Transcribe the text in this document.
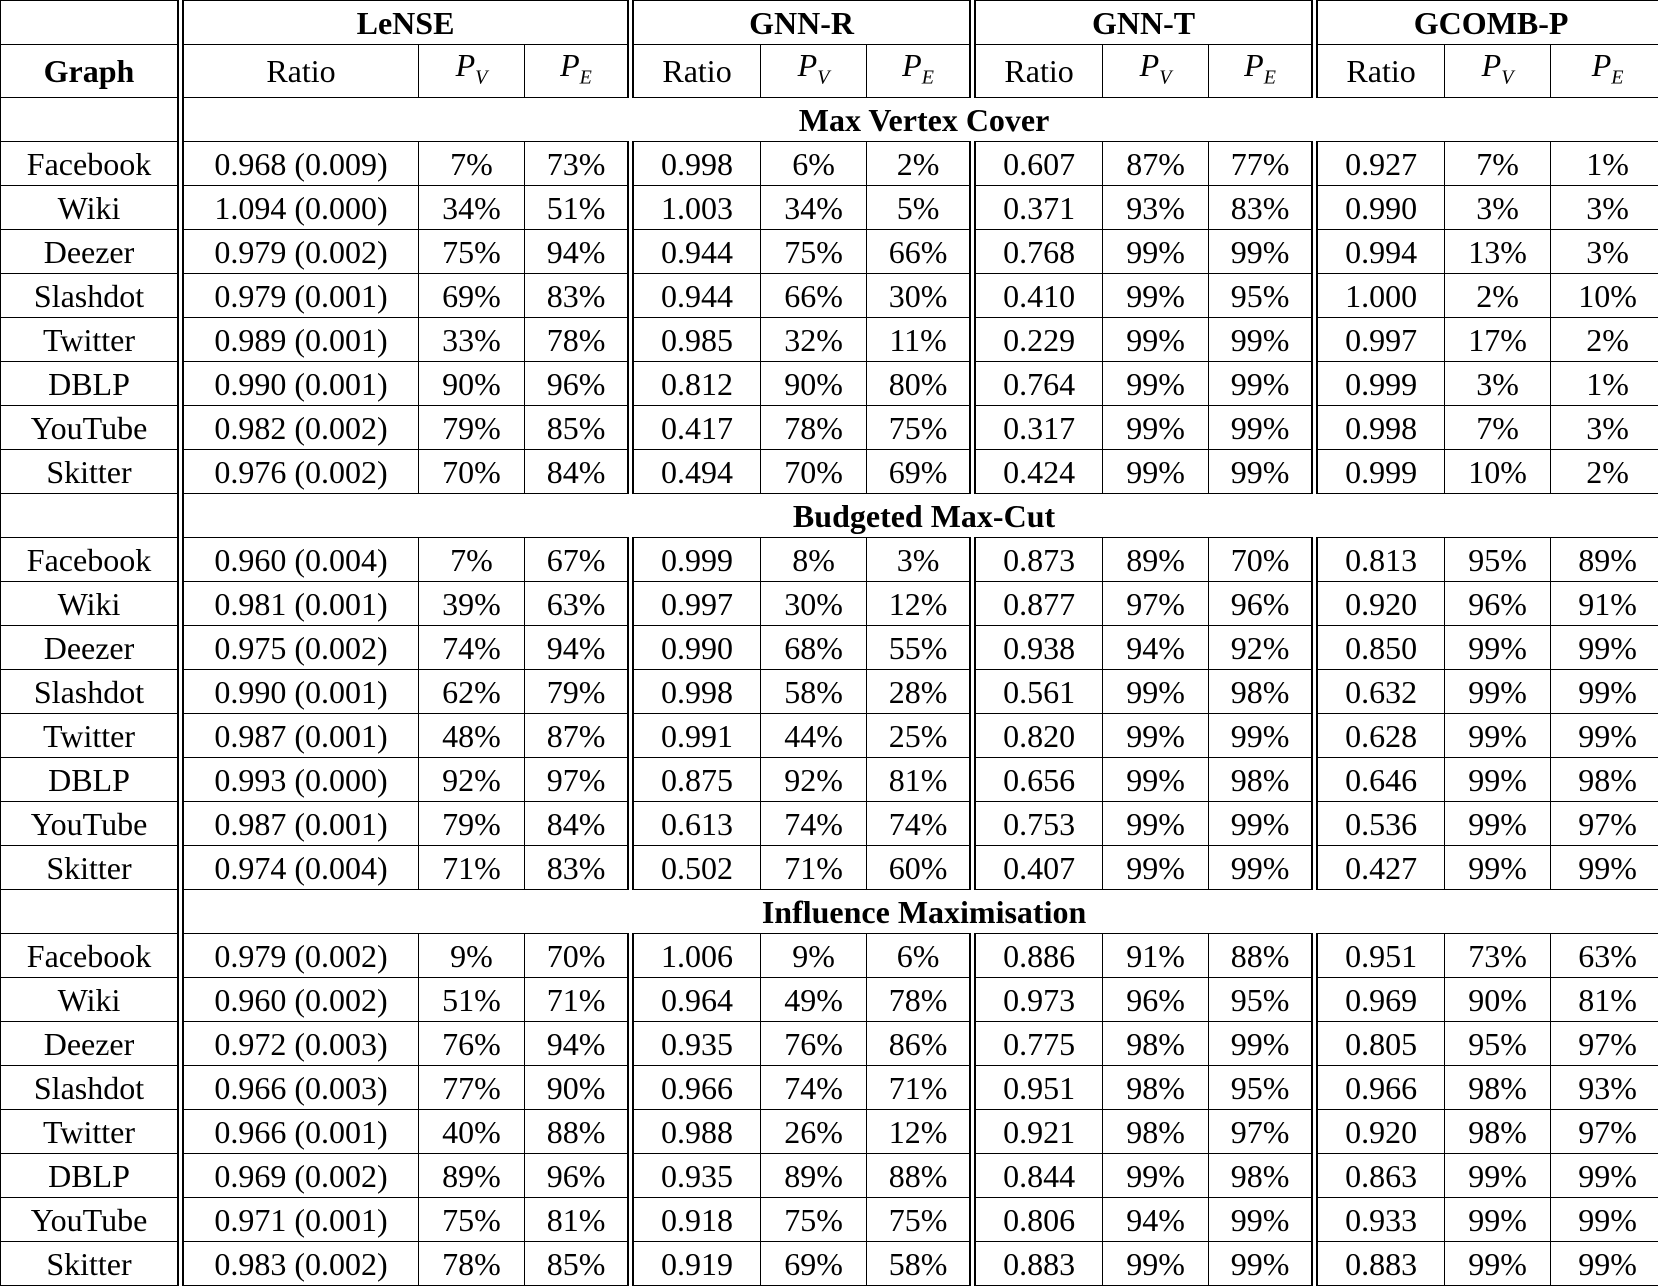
	LeNSE			GNN-R			GNN-T			GCOMB-P		
Graph	Ratio	$P_V$	$P_E$	Ratio	$P_V$	$P_E$	Ratio	$P_V$	$P_E$	Ratio	$P_V$	$P_E$
	Max Vertex Cover											
Facebook	0.968 (0.009)	7%	73%	0.998	6%	2%	0.607	87%	77%	0.927	7%	1%
Wiki	1.094 (0.000)	34%	51%	1.003	34%	5%	0.371	93%	83%	0.990	3%	3%
Deezer	0.979 (0.002)	75%	94%	0.944	75%	66%	0.768	99%	99%	0.994	13%	3%
Slashdot	0.979 (0.001)	69%	83%	0.944	66%	30%	0.410	99%	95%	1.000	2%	10%
Twitter	0.989 (0.001)	33%	78%	0.985	32%	11%	0.229	99%	99%	0.997	17%	2%
DBLP	0.990 (0.001)	90%	96%	0.812	90%	80%	0.764	99%	99%	0.999	3%	1%
YouTube	0.982 (0.002)	79%	85%	0.417	78%	75%	0.317	99%	99%	0.998	7%	3%
Skitter	0.976 (0.002)	70%	84%	0.494	70%	69%	0.424	99%	99%	0.999	10%	2%
	Budgeted Max-Cut											
Facebook	0.960 (0.004)	7%	67%	0.999	8%	3%	0.873	89%	70%	0.813	95%	89%
Wiki	0.981 (0.001)	39%	63%	0.997	30%	12%	0.877	97%	96%	0.920	96%	91%
Deezer	0.975 (0.002)	74%	94%	0.990	68%	55%	0.938	94%	92%	0.850	99%	99%
Slashdot	0.990 (0.001)	62%	79%	0.998	58%	28%	0.561	99%	98%	0.632	99%	99%
Twitter	0.987 (0.001)	48%	87%	0.991	44%	25%	0.820	99%	99%	0.628	99%	99%
DBLP	0.993 (0.000)	92%	97%	0.875	92%	81%	0.656	99%	98%	0.646	99%	98%
YouTube	0.987 (0.001)	79%	84%	0.613	74%	74%	0.753	99%	99%	0.536	99%	97%
Skitter	0.974 (0.004)	71%	83%	0.502	71%	60%	0.407	99%	99%	0.427	99%	99%
	Influence Maximisation											
Facebook	0.979 (0.002)	9%	70%	1.006	9%	6%	0.886	91%	88%	0.951	73%	63%
Wiki	0.960 (0.002)	51%	71%	0.964	49%	78%	0.973	96%	95%	0.969	90%	81%
Deezer	0.972 (0.003)	76%	94%	0.935	76%	86%	0.775	98%	99%	0.805	95%	97%
Slashdot	0.966 (0.003)	77%	90%	0.966	74%	71%	0.951	98%	95%	0.966	98%	93%
Twitter	0.966 (0.001)	40%	88%	0.988	26%	12%	0.921	98%	97%	0.920	98%	97%
DBLP	0.969 (0.002)	89%	96%	0.935	89%	88%	0.844	99%	98%	0.863	99%	99%
YouTube	0.971 (0.001)	75%	81%	0.918	75%	75%	0.806	94%	99%	0.933	99%	99%
Skitter	0.983 (0.002)	78%	85%	0.919	69%	58%	0.883	99%	99%	0.883	99%	99%
